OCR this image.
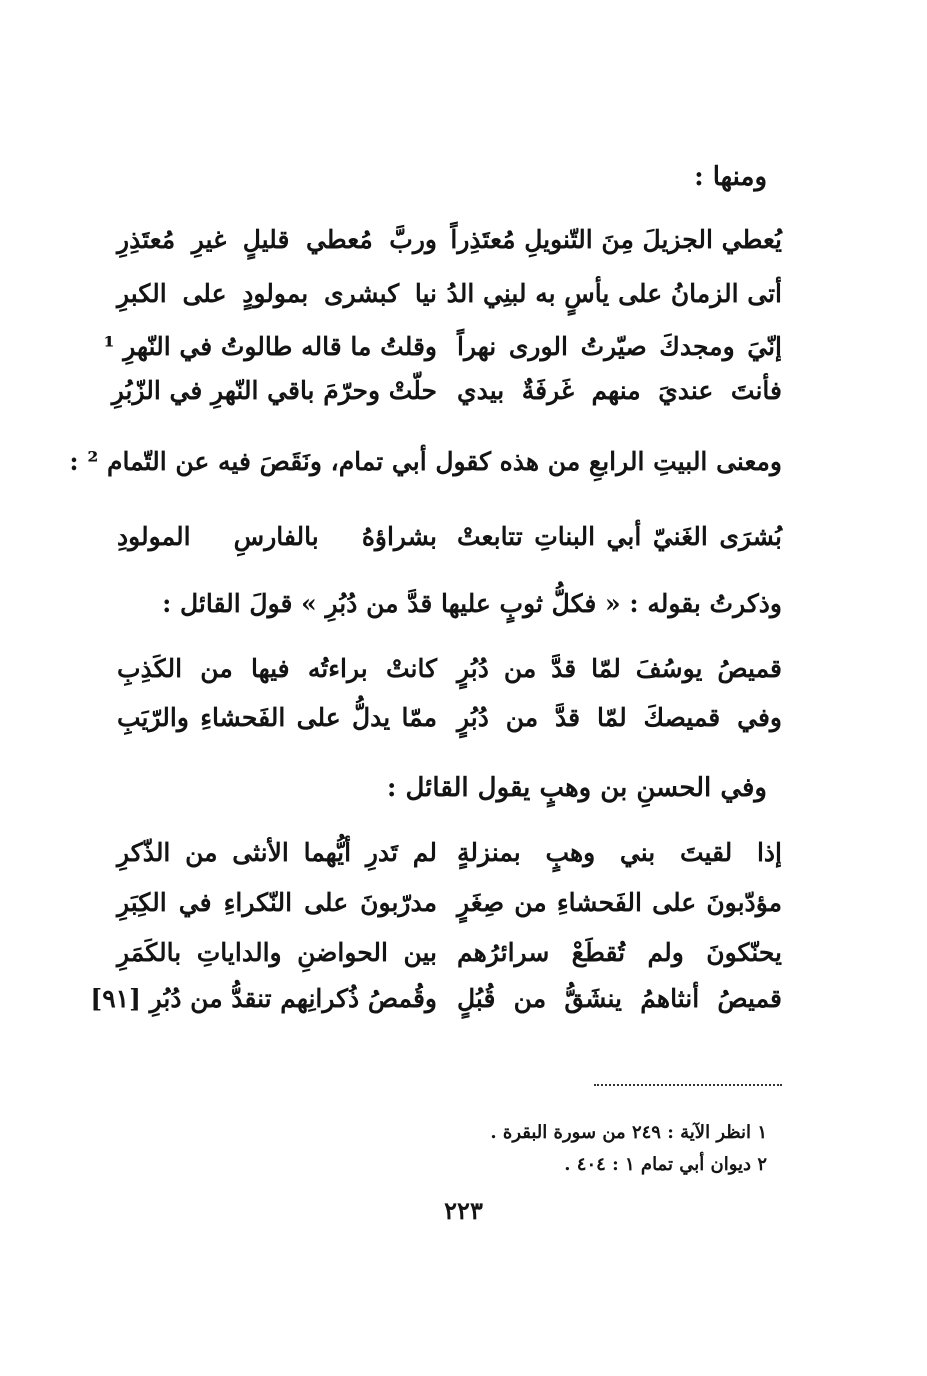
ومنها :
يُعطي الجزيلَ مِنَ التّنويلِ مُعتَذِراً
وربَّ مُعطي قليلٍ غيرِ مُعتَذِرِ
أتى الزمانُ على يأسٍ به لبنِي الدُ
نيا كبشرى بمولودٍ على الكبرِ
إنّيَ ومجدكَ صيّرتُ الورى نهراً
وقلتُ ما قاله طالوتُ في النّهرِ ¹
فأنتَ عنديَ منهم غَرفَةٌ بيدي
حلّتْ وحرّمَ باقي النّهرِ في الزّبُرِ
ومعنى البيتِ الرابعِ من هذه كقول أبي تمام، ونَقَصَ فيه عن التّمام ² :
بُشرَى الغَنيّ أبي البناتِ تتابعتْ
بشراؤهُ بالفارسِ المولودِ
وذكرتُ بقوله : « فكلُّ ثوبٍ عليها قدَّ من دُبُرِ » قولَ القائل :
قميصُ يوسُفَ لمّا قدَّ من دُبُرٍ
كانتْ براءتُه فيها من الكَذِبِ
وفي قميصكَ لمّا قدَّ من دُبُرٍ
ممّا يدلُّ على الفَحشاءِ والرّيَبِ
وفي الحسنِ بن وهبٍ يقول القائل :
إذا لقيتَ بني وهبٍ بمنزلةٍ
لم تَدرِ أيُّهما الأنثى من الذّكرِ
مؤدّبونَ على الفَحشاءِ من صِغَرٍ
مدرّبونَ على النّكراءِ في الكِبَرِ
يحنّكونَ ولم تُقطَعْ سرائرُهم
بين الحواضنِ والداياتِ بالكَمَرِ
قميصُ أنثاهمُ ينشَقُّ من قُبُلٍ
وقُمصُ ذُكرانِهم تنقدُّ من دُبُرِ [٩١]
١ انظر الآية : ٢٤٩ من سورة البقرة .
٢ ديوان أبي تمام ١ : ٤٠٤ .
٢٢٣
